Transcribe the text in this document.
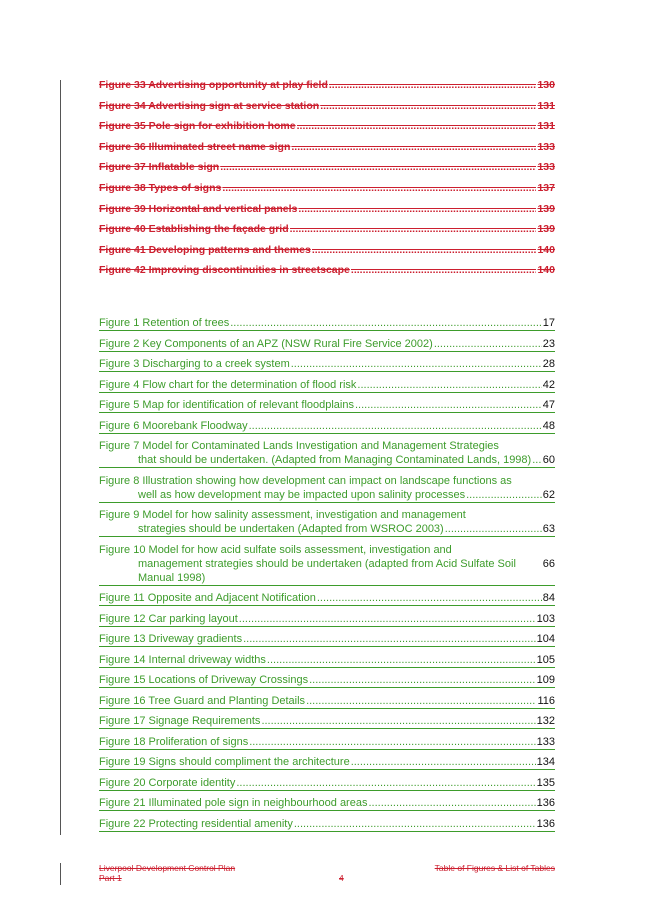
Figure 33 Advertising opportunity at play field .....	130
Figure 34 Advertising sign at service station .....	131
Figure 35 Pole sign for exhibition home .....	131
Figure 36 Illuminated street name sign .....	133
Figure 37 Inflatable sign .....	133
Figure 38 Types of signs .....	137
Figure 39 Horizontal and vertical panels .....	139
Figure 40 Establishing the façade grid .....	139
Figure 41 Developing patterns and themes .....	140
Figure 42 Improving discontinuities in streetscape .....	140
Figure 1 Retention of trees .....	17
Figure 2 Key Components of an APZ (NSW Rural Fire Service 2002) .....	23
Figure 3 Discharging to a creek system .....	28
Figure 4 Flow chart for the determination of flood risk .....	42
Figure 5 Map for identification of relevant floodplains .....	47
Figure 6 Moorebank Floodway .....	48
Figure 7 Model for Contaminated Lands Investigation and Management Strategies
that should be undertaken. (Adapted from Managing Contaminated Lands, 1998) ..... 60
Figure 8 Illustration showing how development can impact on landscape functions as
well as how development may be impacted upon salinity processes .....	62
Figure 9 Model for how salinity assessment, investigation and management
strategies should be undertaken (Adapted from WSROC 2003) .....	63
Figure 10 Model for how acid sulfate soils assessment, investigation and
management strategies should be undertaken (adapted from Acid Sulfate Soil Manual 1998)
66
Figure 11 Opposite and Adjacent Notification .....	84
Figure 12 Car parking layout .....	103
Figure 13 Driveway gradients .....	104
Figure 14 Internal driveway widths .....	105
Figure 15 Locations of Driveway Crossings .....	109
Figure 16 Tree Guard and Planting Details .....	116
Figure 17 Signage Requirements .....	132
Figure 18 Proliferation of signs .....	133
Figure 19 Signs should compliment the architecture .....	134
Figure 20 Corporate identity .....	135
Figure 21 Illuminated pole sign in neighbourhood areas .....	136
Figure 22 Protecting residential amenity .....	136
Liverpool Development Control Plan	Table of Figures & List of Tables
Part 1	4
